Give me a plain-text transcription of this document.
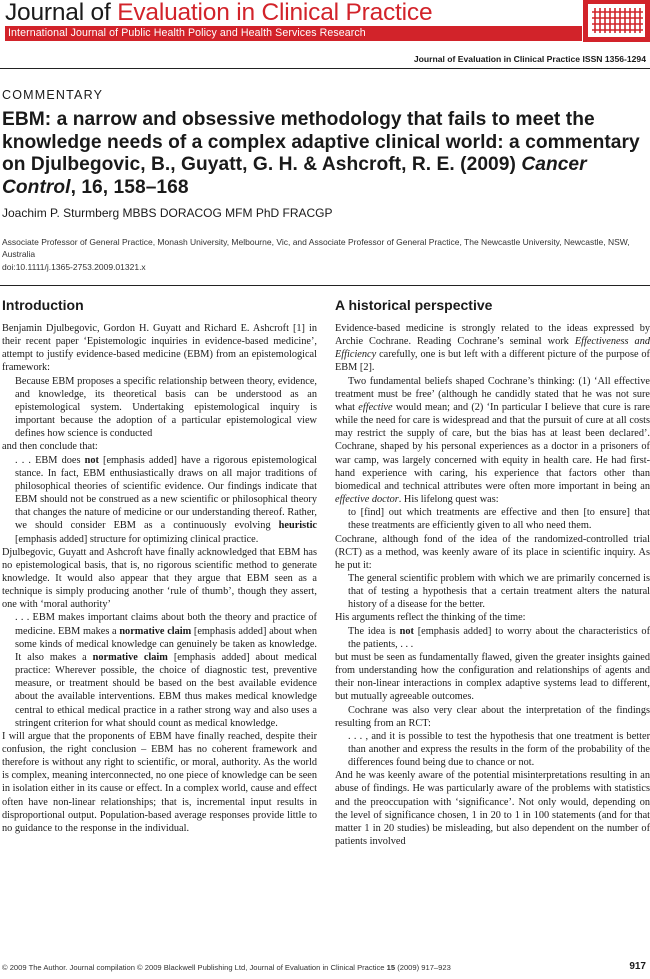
Journal of Evaluation in Clinical Practice
International Journal of Public Health Policy and Health Services Research
Journal of Evaluation in Clinical Practice ISSN 1356-1294
COMMENTARY
EBM: a narrow and obsessive methodology that fails to meet the knowledge needs of a complex adaptive clinical world: a commentary on Djulbegovic, B., Guyatt, G. H. & Ashcroft, R. E. (2009) Cancer Control, 16, 158–168
Joachim P. Sturmberg MBBS DORACOG MFM PhD FRACGP
Associate Professor of General Practice, Monash University, Melbourne, Vic, and Associate Professor of General Practice, The Newcastle University, Newcastle, NSW, Australia
doi:10.1111/j.1365-2753.2009.01321.x
Introduction

Benjamin Djulbegovic, Gordon H. Guyatt and Richard E. Ashcroft [1] in their recent paper ‘Epistemologic inquiries in evidence-based medicine’, attempt to justify evidence-based medicine (EBM) from an epistemological framework:

Because EBM proposes a specific relationship between theory, evidence, and knowledge, its theoretical basis can be understood as an epistemological system. Undertaking epistemological inquiry is important because the adoption of a particular epistemological view defines how science is conducted

and then conclude that:

. . . EBM does not [emphasis added] have a rigorous epistemological stance. In fact, EBM enthusiastically draws on all major traditions of philosophical theories of scientific evidence. Our findings indicate that EBM should not be construed as a new scientific or philosophical theory that changes the nature of medicine or our understanding thereof. Rather, we should consider EBM as a continuously evolving heuristic [emphasis added] structure for optimizing clinical practice.

Djulbegovic, Guyatt and Ashcroft have finally acknowledged that EBM has no epistemological basis, that is, no rigorous scientific method to generate knowledge. It would also appear that they argue that EBM seen as a technique is simply producing another ‘rule of thumb’, though they assert, one with ‘moral authority’

. . . EBM makes important claims about both the theory and practice of medicine. EBM makes a normative claim [emphasis added] about when some kinds of medical knowledge can genuinely be taken as knowledge. It also makes a normative claim [emphasis added] about medical practice: Wherever possible, the choice of diagnostic test, preventive measure, or treatment should be based on the best available evidence about the available interventions. EBM thus makes medical knowledge central to ethical medical practice in a rather strong way and also uses a stringent criterion for what should count as medical knowledge.

I will argue that the proponents of EBM have finally reached, despite their confusion, the right conclusion – EBM has no coherent framework and therefore is without any right to scientific, or moral, authority. As the world is complex, meaning interconnected, no one piece of knowledge can be seen in isolation either in its cause or effect. In a complex world, cause and effect often have non-linear relationships; that is, incremental input results in disproportional output. Population-based average responses provide little to no guidance to the response in the individual.

A historical perspective

Evidence-based medicine is strongly related to the ideas expressed by Archie Cochrane. Reading Cochrane’s seminal work Effectiveness and Efficiency carefully, one is but left with a different picture of the purpose of EBM [2].

Two fundamental beliefs shaped Cochrane’s thinking: (1) ‘All effective treatment must be free’ (although he candidly stated that he was not sure what effective would mean; and (2) ‘In particular I believe that cure is rare while the need for care is widespread and that the pursuit of cure at all costs may restrict the supply of care, but the bias has at least been declared’. Cochrane, shaped by his personal experiences as a doctor in a prisoners of war camp, was largely concerned with equity in health care. He had first-hand experience with caring, his experience that factors other than biomedical and technical attributes were often more important in being an effective doctor. His lifelong quest was:

to [find] out which treatments are effective and then [to ensure] that these treatments are efficiently given to all who need them.

Cochrane, although fond of the idea of the randomized-controlled trial (RCT) as a method, was keenly aware of its place in scientific inquiry. As he put it:

The general scientific problem with which we are primarily concerned is that of testing a hypothesis that a certain treatment alters the natural history of a disease for the better.

His arguments reflect the thinking of the time:

The idea is not [emphasis added] to worry about the characteristics of the patients, . . .

but must be seen as fundamentally flawed, given the greater insights gained from understanding how the configuration and relationships of agents and their non-linear interactions in complex adaptive systems lead to different, but mutually agreeable outcomes.

Cochrane was also very clear about the interpretation of the findings resulting from an RCT:

. . . , and it is possible to test the hypothesis that one treatment is better than another and express the results in the form of the probability of the differences found being due to chance or not.

And he was keenly aware of the potential misinterpretations resulting in an abuse of findings. He was particularly aware of the problems with statistics and the preoccupation with ‘significance’. Not only would, depending on the level of significance chosen, 1 in 20 to 1 in 100 statements (and for that matter 1 in 20 studies) be misleading, but also dependent on the number of patients involved

© 2009 The Author. Journal compilation © 2009 Blackwell Publishing Ltd, Journal of Evaluation in Clinical Practice 15 (2009) 917–923	917
